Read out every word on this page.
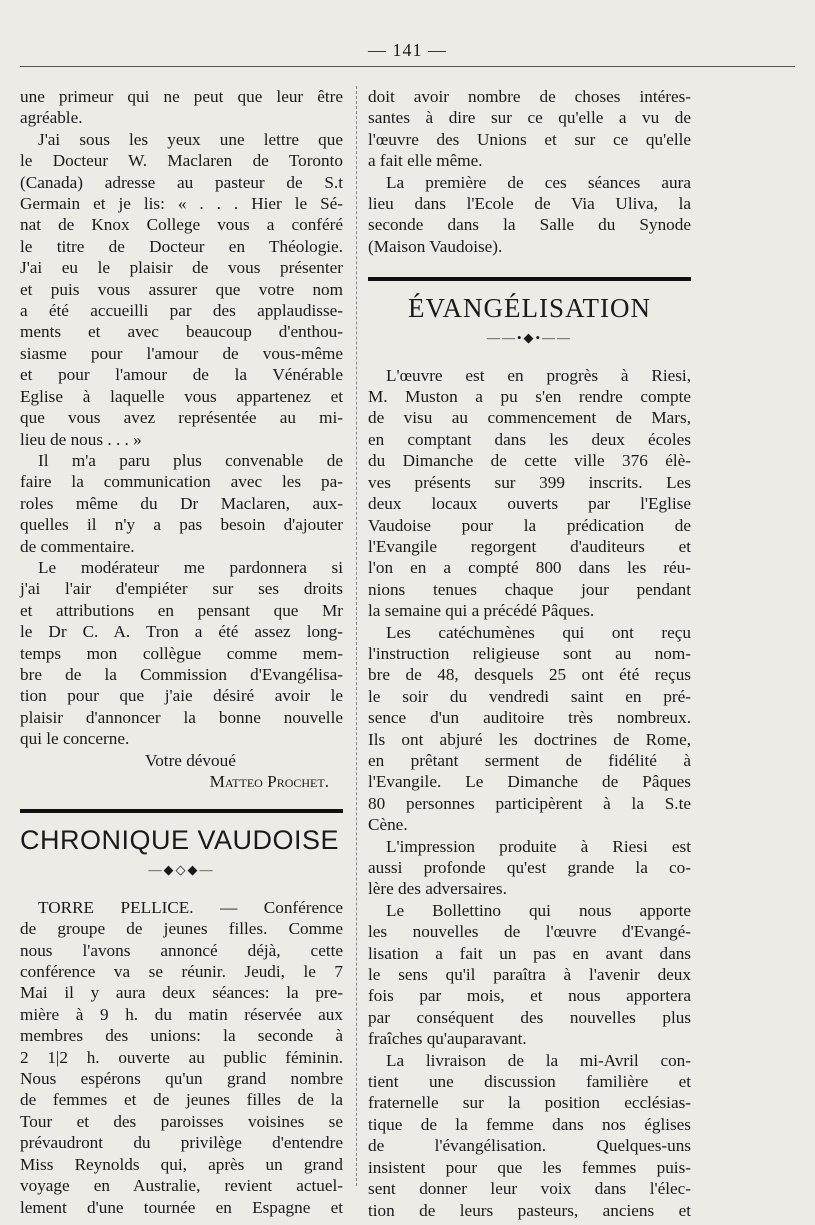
— 141 —
une primeur qui ne peut que leur être
agréable.
J'ai sous les yeux une lettre que
le Docteur W. Maclaren de Toronto
(Canada) adresse au pasteur de S.t
Germain et je lis: « . . . Hier le Sé-
nat de Knox College vous a conféré
le titre de Docteur en Théologie.
J'ai eu le plaisir de vous présenter
et puis vous assurer que votre nom
a été accueilli par des applaudisse-
ments et avec beaucoup d'enthou-
siasme pour l'amour de vous-même
et pour l'amour de la Vénérable
Eglise à laquelle vous appartenez et
que vous avez représentée au mi-
lieu de nous . . . »
Il m'a paru plus convenable de
faire la communication avec les pa-
roles même du Dr Maclaren, aux-
quelles il n'y a pas besoin d'ajouter
de commentaire.
Le modérateur me pardonnera si
j'ai l'air d'empiéter sur ses droits
et attributions en pensant que Mr
le Dr C. A. Tron a été assez long-
temps mon collègue comme mem-
bre de la Commission d'Evangélisa-
tion pour que j'aie désiré avoir le
plaisir d'annoncer la bonne nouvelle
qui le concerne.
Votre dévoué
Matteo Prochet.
CHRONIQUE VAUDOISE
—◆◇◆—
TORRE PELLICE. — Conférence
de groupe de jeunes filles. Comme
nous l'avons annoncé déjà, cette
conférence va se réunir. Jeudi, le 7
Mai il y aura deux séances: la pre-
mière à 9 h. du matin réservée aux
membres des unions: la seconde à
2 1|2 h. ouverte au public féminin.
Nous espérons qu'un grand nombre
de femmes et de jeunes filles de la
Tour et des paroisses voisines se
prévaudront du privilège d'entendre
Miss Reynolds qui, après un grand
voyage en Australie, revient actuel-
lement d'une tournée en Espagne et
doit avoir nombre de choses intéres-
santes à dire sur ce qu'elle a vu de
l'œuvre des Unions et sur ce qu'elle
a fait elle même.
La première de ces séances aura
lieu dans l'Ecole de Via Uliva, la
seconde dans la Salle du Synode
(Maison Vaudoise).
ÉVANGÉLISATION
——•◆•——
L'œuvre est en progrès à Riesi,
M. Muston a pu s'en rendre compte
de visu au commencement de Mars,
en comptant dans les deux écoles
du Dimanche de cette ville 376 élè-
ves présents sur 399 inscrits. Les
deux locaux ouverts par l'Eglise
Vaudoise pour la prédication de
l'Evangile regorgent d'auditeurs et
l'on en a compté 800 dans les réu-
nions tenues chaque jour pendant
la semaine qui a précédé Pâques.
Les catéchumènes qui ont reçu
l'instruction religieuse sont au nom-
bre de 48, desquels 25 ont été reçus
le soir du vendredi saint en pré-
sence d'un auditoire très nombreux.
Ils ont abjuré les doctrines de Rome,
en prêtant serment de fidélité à
l'Evangile. Le Dimanche de Pâques
80 personnes participèrent à la S.te
Cène.
L'impression produite à Riesi est
aussi profonde qu'est grande la co-
lère des adversaires.
Le Bollettino qui nous apporte
les nouvelles de l'œuvre d'Evangé-
lisation a fait un pas en avant dans
le sens qu'il paraîtra à l'avenir deux
fois par mois, et nous apportera
par conséquent des nouvelles plus
fraîches qu'auparavant.
La livraison de la mi-Avril con-
tient une discussion familière et
fraternelle sur la position ecclésias-
tique de la femme dans nos églises
de l'évangélisation. Quelques-uns
insistent pour que les femmes puis-
sent donner leur voix dans l'élec-
tion de leurs pasteurs, anciens et
